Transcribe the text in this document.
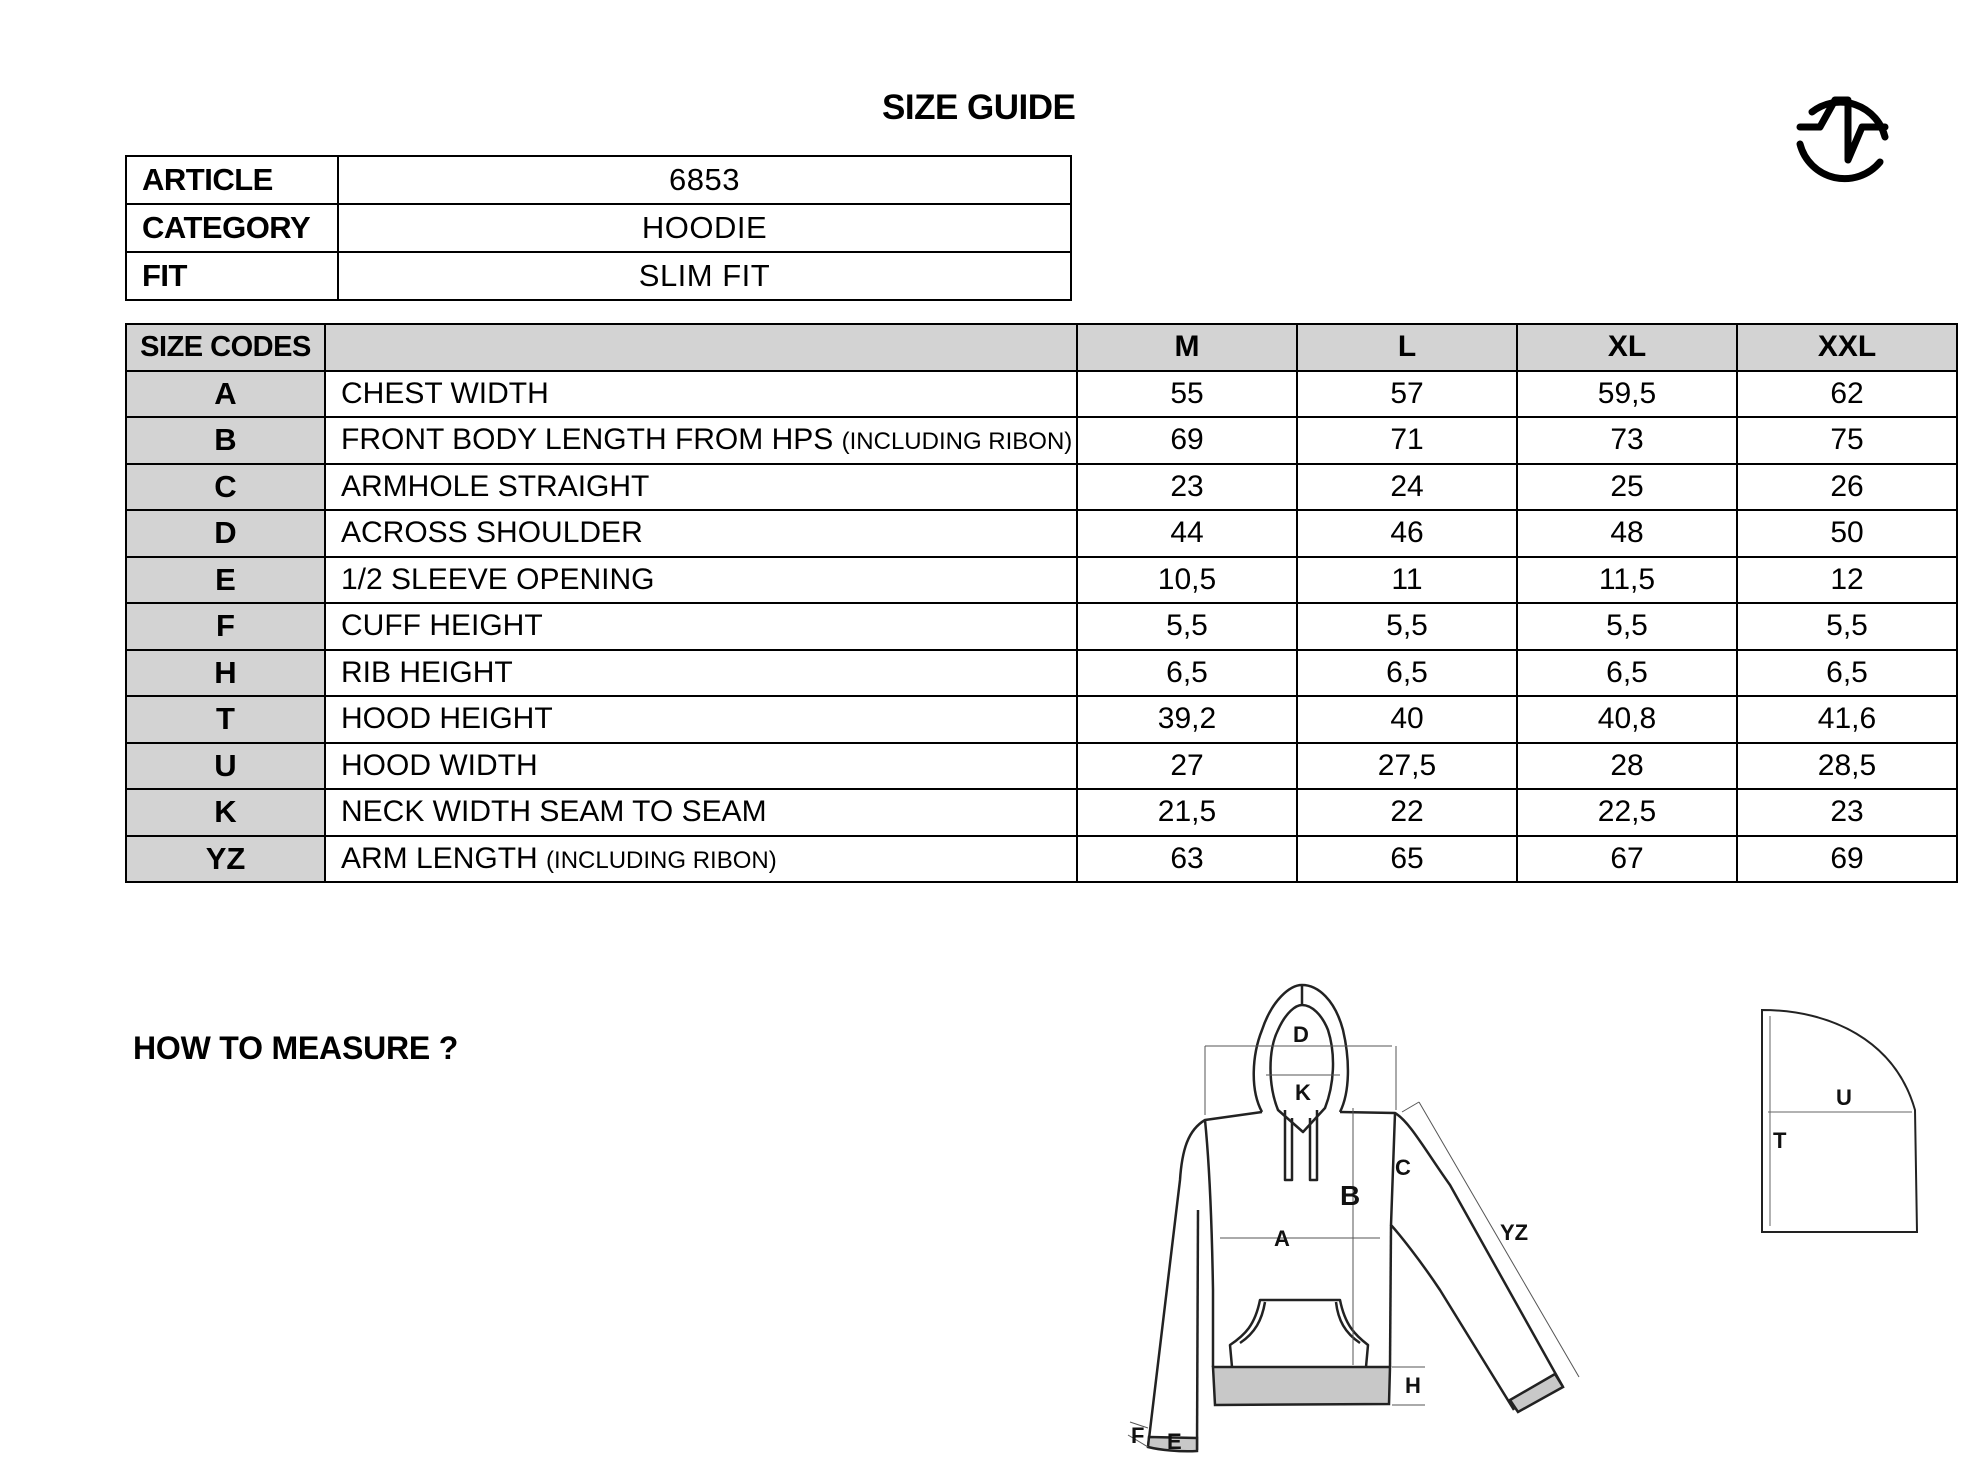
SIZE GUIDE
ARTICLE	6853
CATEGORY	HOODIE
FIT	SLIM FIT
SIZE CODES		M	L	XL	XXL
A	CHEST WIDTH	55	57	59,5	62
B	FRONT BODY LENGTH FROM HPS (INCLUDING RIBON)	69	71	73	75
C	ARMHOLE STRAIGHT	23	24	25	26
D	ACROSS SHOULDER	44	46	48	50
E	1/2 SLEEVE OPENING	10,5	11	11,5	12
F	CUFF HEIGHT	5,5	5,5	5,5	5,5
H	RIB HEIGHT	6,5	6,5	6,5	6,5
T	HOOD HEIGHT	39,2	40	40,8	41,6
U	HOOD WIDTH	27	27,5	28	28,5
K	NECK WIDTH SEAM TO SEAM	21,5	22	22,5	23
YZ	ARM LENGTH (INCLUDING RIBON)	63	65	67	69
HOW TO MEASURE ?	D
K
A
B
C
YZ
H
F E
U
T
